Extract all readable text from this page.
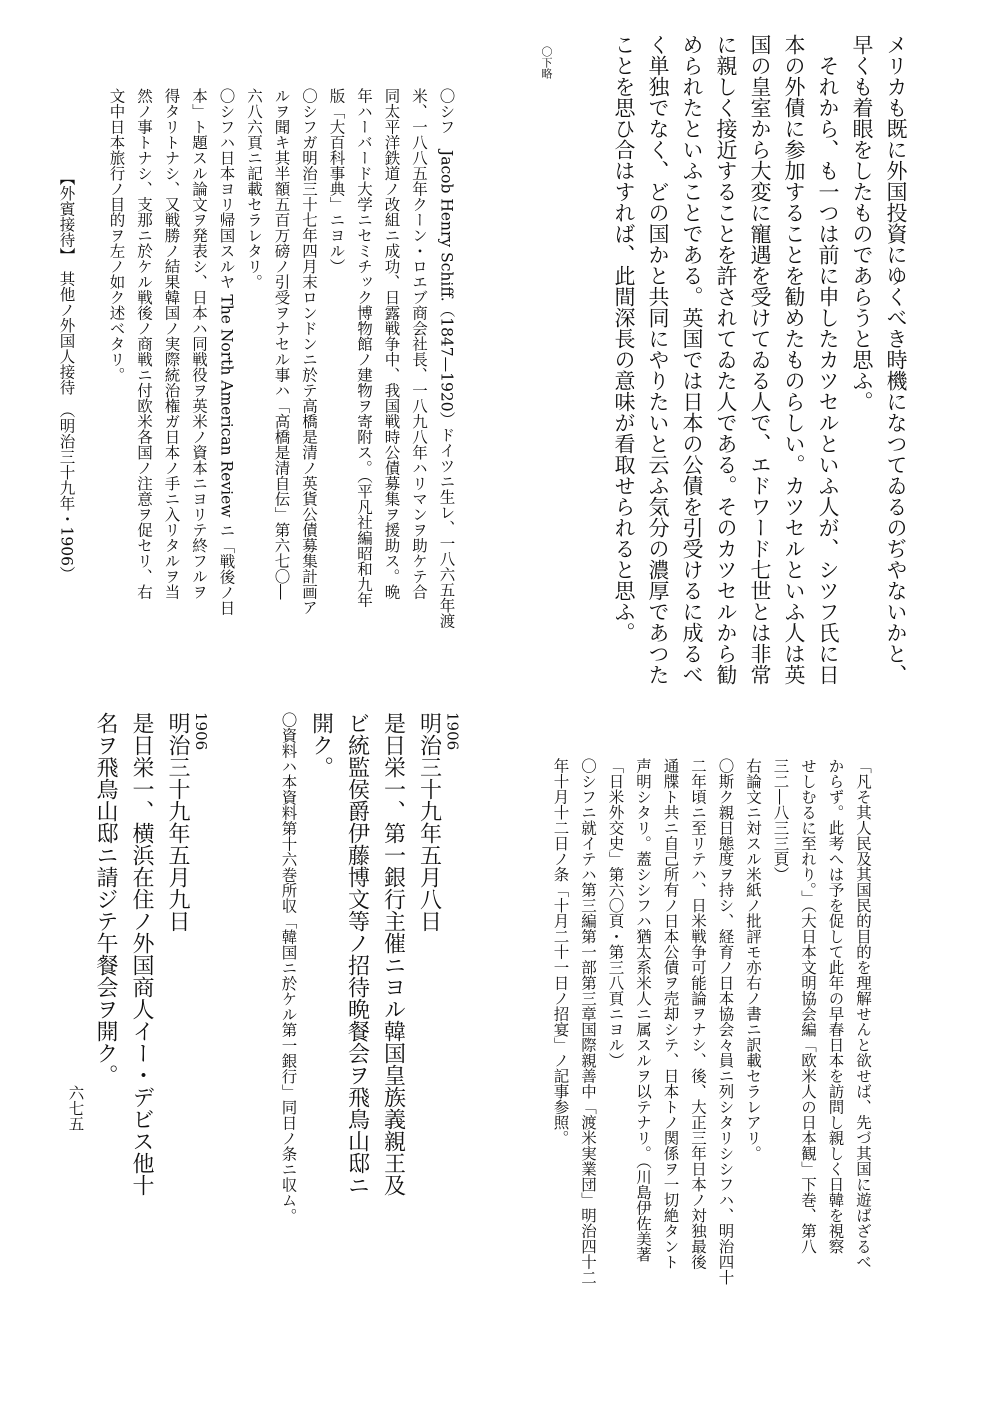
メリカも既に外国投資にゆくべき時機になつてゐるのぢやないかと、
早くも着眼をしたものであらうと思ふ。
　それから、も一つは前に申したカツセルといふ人が、シツフ氏に日
本の外債に参加することを勧めたものらしい。カツセルといふ人は英
国の皇室から大変に寵遇を受けてゐる人で、エドワード七世とは非常
に親しく接近することを許されてゐた人である。そのカツセルから勧
められたといふことである。英国では日本の公債を引受けるに成るべ
く単独でなく、どの国かと共同にやりたいと云ふ気分の濃厚であつた
ことを思ひ合はすれば、此間深長の意味が看取せられると思ふ。
〇下略
〇シフ　Jacob Henry Schiff.（1847—1920）ドイツニ生レ、一八六五年渡
米、一八八五年クーン・ロエブ商会社長、一八九八年ハリマンヲ助ケテ合
同太平洋鉄道ノ改組ニ成功、日露戦争中、我国戦時公債募集ヲ援助ス。晩
年ハーバード大学ニセミチック博物館ノ建物ヲ寄附ス。（平凡社編昭和九年
版「大百科事典」ニヨル）
〇シフガ明治三十七年四月末ロンドンニ於テ高橋是清ノ英貨公債募集計画ア
ルヲ聞キ其半額五百万磅ノ引受ヲナセル事ハ「高橋是清自伝」第六七〇―
六八六頁ニ記載セラレタリ。
〇シフハ日本ヨリ帰国スルヤ The North American Review ニ「戦後ノ日
本」ト題スル論文ヲ発表シ、日本ハ同戦役ヲ英米ノ資本ニヨリテ終フルヲ
得タリトナシ、又戦勝ノ結果韓国ノ実際統治権ガ日本ノ手ニ入リタルヲ当
然ノ事トナシ、支那ニ於ケル戦後ノ商戦ニ付欧米各国ノ注意ヲ促セリ、右
文中日本旅行ノ目的ヲ左ノ如ク述ベタリ。
【外賓接待】　其他ノ外国人接待　（明治三十九年・1906）
「凡そ其人民及其国民的目的を理解せんと欲せば、先づ其国に遊ばざるべ
からず。此考へは予を促して此年の早春日本を訪問し親しく日韓を視察
せしむるに至れり。」（大日本文明協会編「欧米人の日本観」下巻、第八
三二―八三三頁）
右論文ニ対スル米紙ノ批評モ亦右ノ書ニ訳載セラレアリ。
〇斯ク親日態度ヲ持シ、経育ノ日本協会々員ニ列シタリシシフハ、明治四十
二年頃ニ至リテハ、日米戦争可能論ヲナシ、後、大正三年日本ノ対独最後
通牒ト共ニ自己所有ノ日本公債ヲ売却シテ、日本トノ関係ヲ一切絶タント
声明シタリ。蓋シシフハ猶太系米人ニ属スルヲ以テナリ。（川島伊佐美著
「日米外交史」第六〇頁・第三八頁ニヨル）
〇シフニ就イテハ第三編第一部第三章国際親善中「渡米実業団」明治四十二
年十月十二日ノ条「十月二十一日ノ招宴」ノ記事参照。
1906
明治三十九年五月八日
是日栄一、第一銀行主催ニヨル韓国皇族義親王及
ビ統監侯爵伊藤博文等ノ招待晩餐会ヲ飛鳥山邸ニ
開ク。
〇資料ハ本資料第十六巻所収「韓国ニ於ケル第一銀行」同日ノ条ニ収ム。
1906
明治三十九年五月九日
是日栄一、横浜在住ノ外国商人イー・デビス他十
名ヲ飛鳥山邸ニ請ジテ午餐会ヲ開ク。
六七五
